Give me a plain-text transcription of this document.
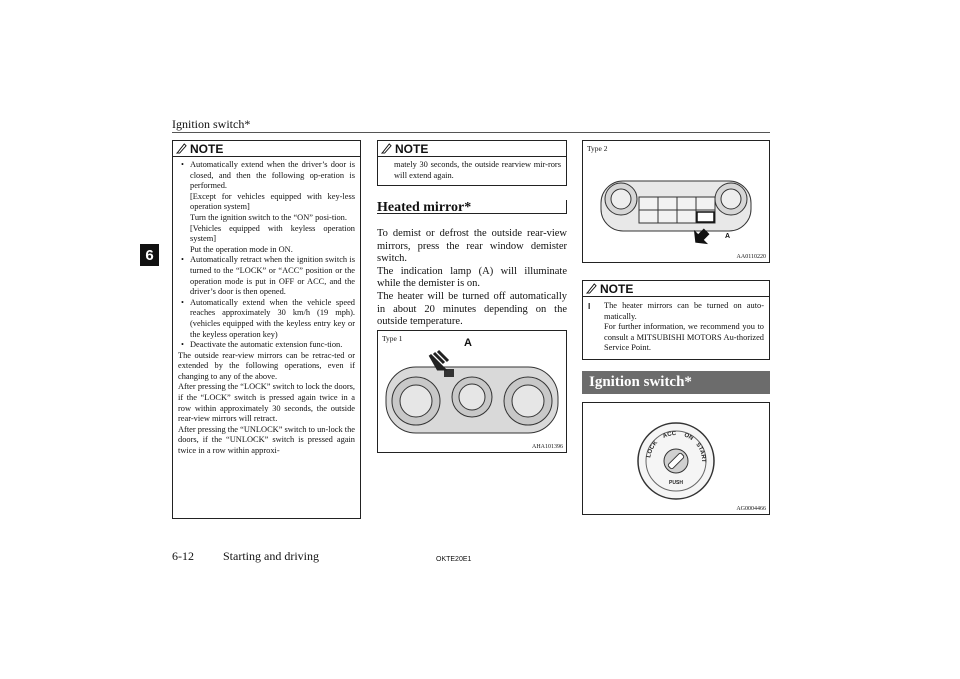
Ignition switch*
6
NOTE
• Automatically extend when the driver’s door is closed, and then the following op-eration is performed.

[Except for vehicles equipped with key-less operation system]

Turn the ignition switch to the “ON” posi-tion.

[Vehicles equipped with keyless operation system]

Put the operation mode in ON.

• Automatically retract when the ignition switch is turned to the “LOCK” or “ACC” position or the operation mode is put in OFF or ACC, and the driver’s door is then opened.
• Automatically extend when the vehicle speed reaches approximately 30 km/h (19 mph). (vehicles equipped with the keyless entry key or the keyless operation key)
• Deactivate the automatic extension func-tion.

The outside rear-view mirrors can be retrac-ted or extended by the following operations, even if changing to any of the above.

After pressing the “LOCK” switch to lock the doors, if the “LOCK” switch is pressed again twice in a row within approximately 30 seconds, the outside rear-view mirrors will retract.

After pressing the “UNLOCK” switch to un-lock the doors, if the “UNLOCK” switch is pressed again twice in a row within approxi-

NOTE
mately 30 seconds, the outside rearview mir-rors will extend again.
Heated mirror*

To demist or defrost the outside rear-view mirrors, press the rear window demister switch.

The indication lamp (A) will illuminate while the demister is on.

The heater will be turned off automatically in about 20 minutes depending on the outside temperature.

Type 1	A
AHA101396
Type 2
A
AA0110220
NOTE
l The heater mirrors can be turned on auto-matically.

For further information, we recommend you to consult a MITSUBISHI MOTORS Au-thorized Service Point.

Ignition switch*
LOCK ACC ON START
PUSH
AG0004466
6-12 Starting and driving	OKTE20E1
